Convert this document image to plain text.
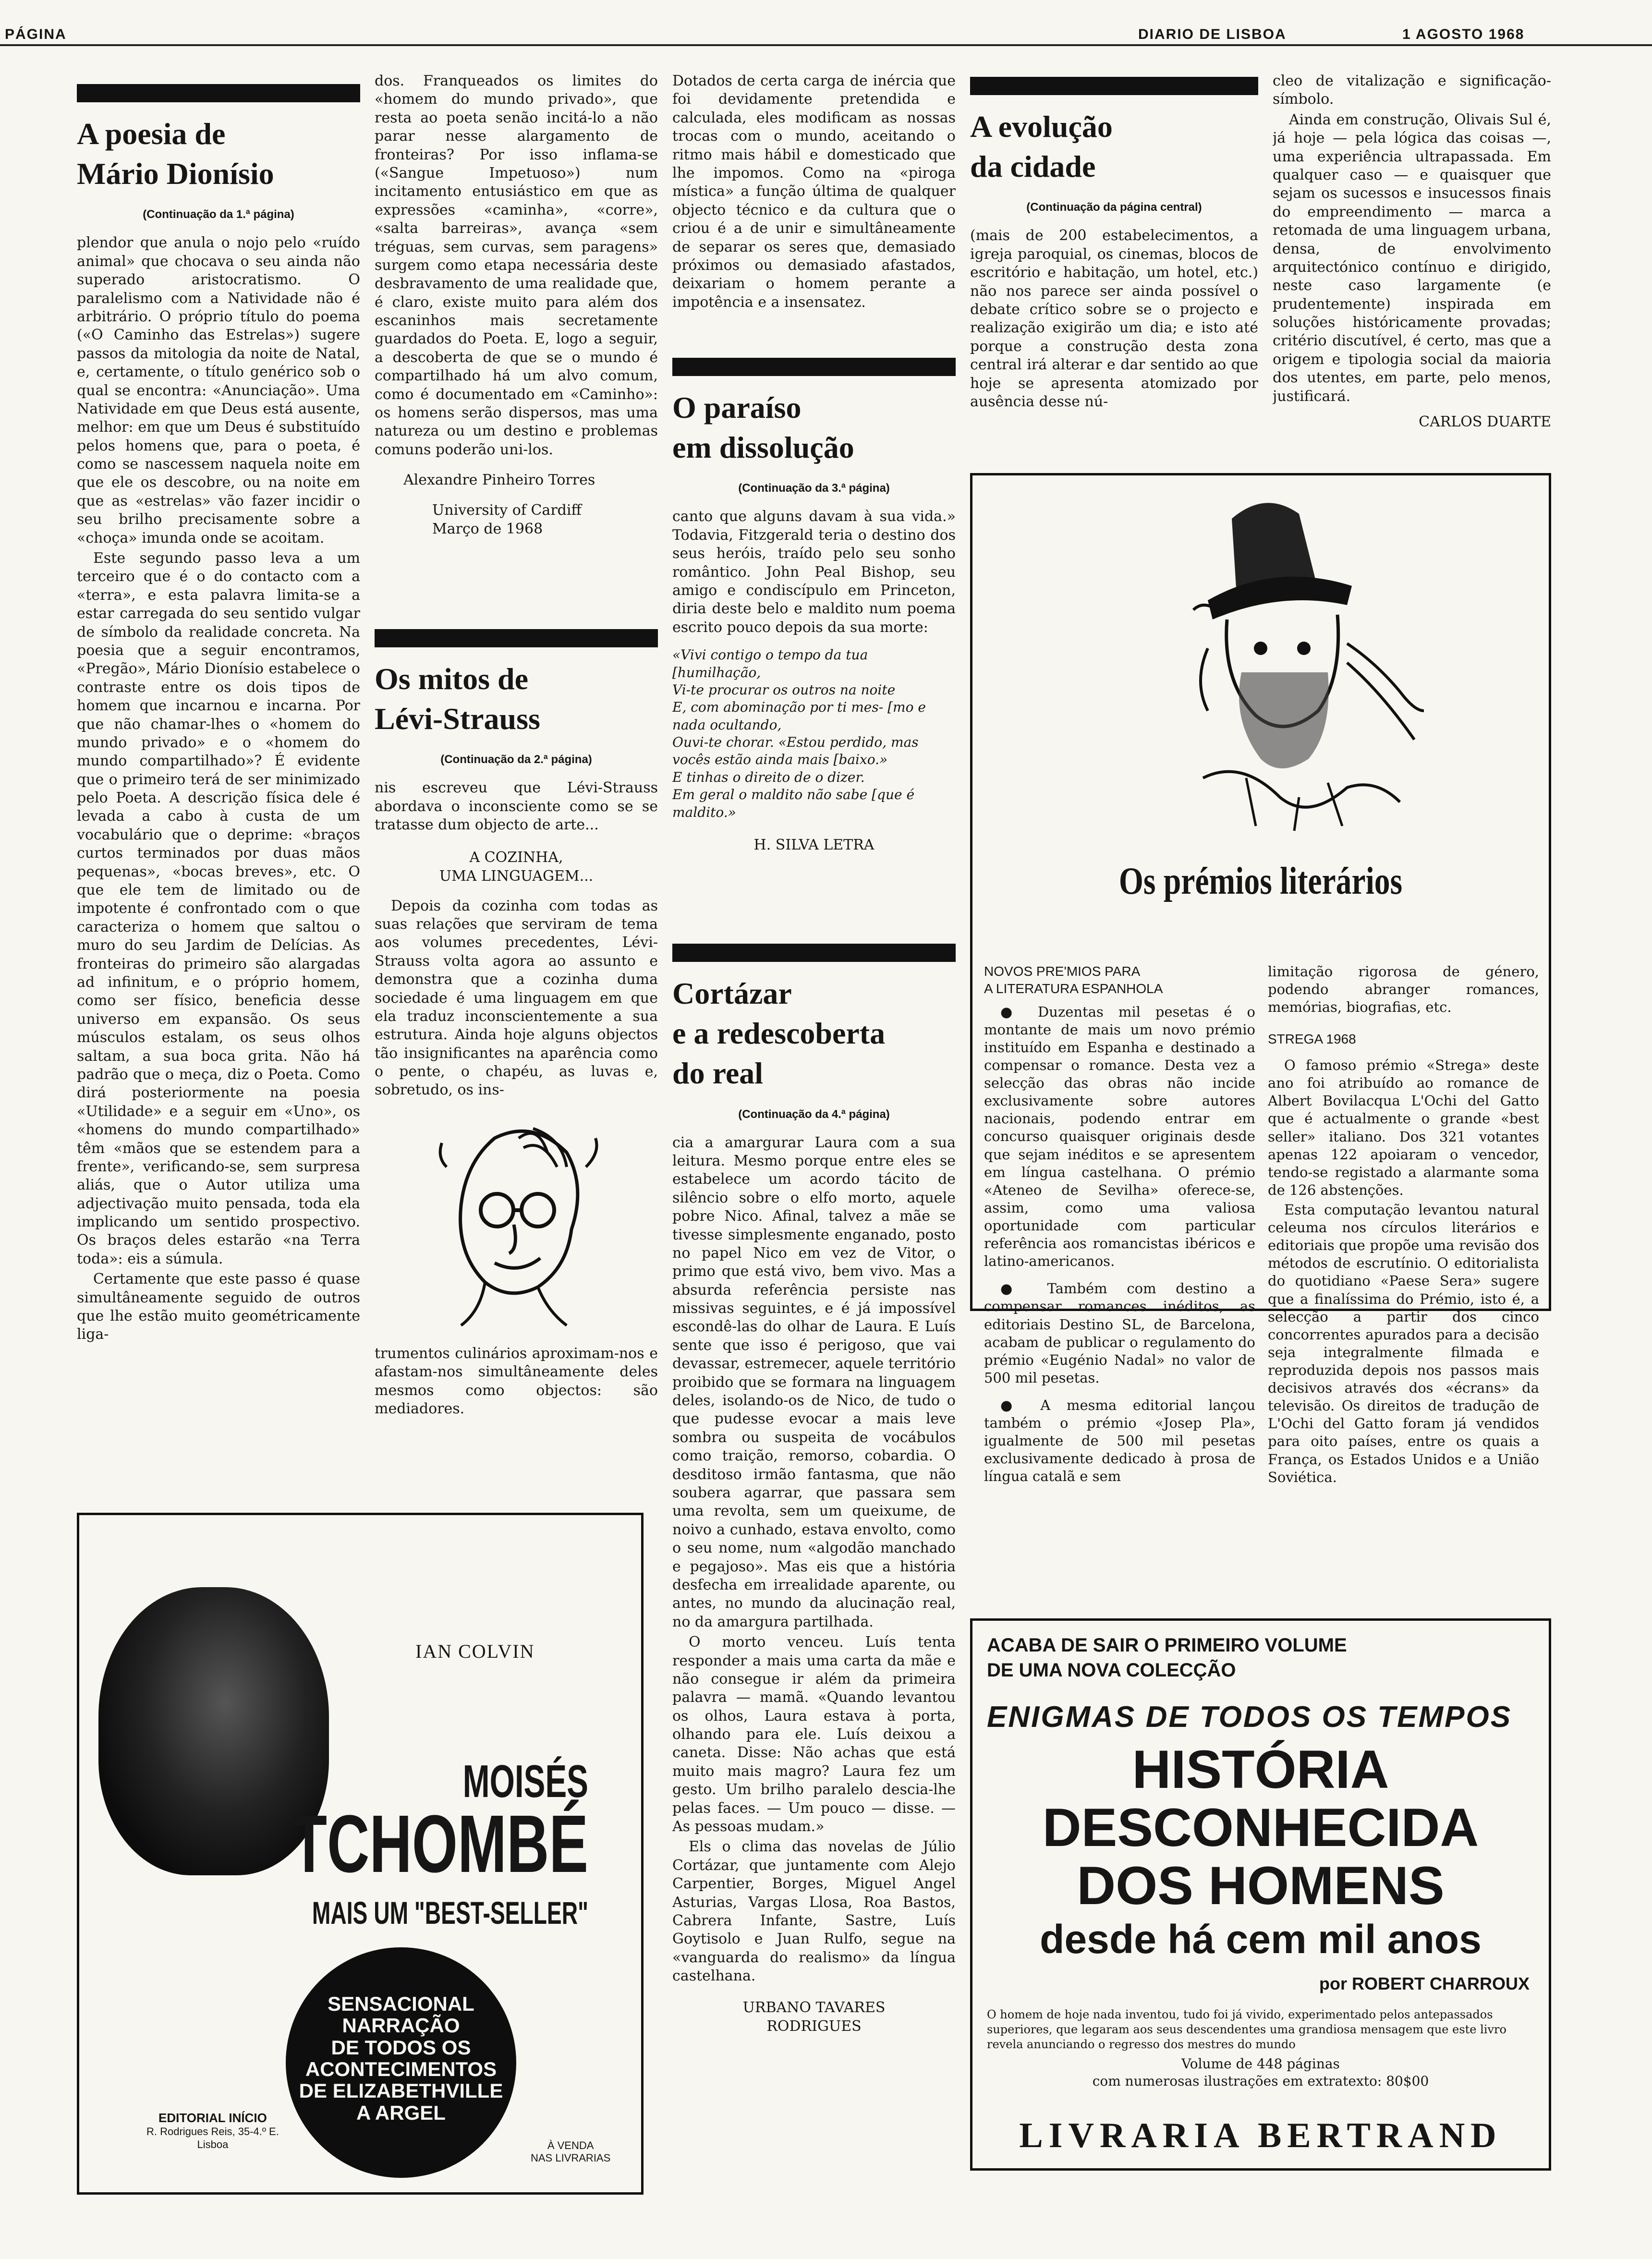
PÁGINA	DIARIO DE LISBOA	1 AGOSTO 1968
A poesia de
Mário Dionísio
(Continuação da 1.ª página)

plendor que anula o nojo pelo «ruído animal» que chocava o seu ainda não superado aristocratismo. O paralelismo com a Natividade não é arbitrário. O próprio título do poema («O Caminho das Estrelas») sugere passos da mitologia da noite de Natal, e, certamente, o título genérico sob o qual se encontra: «Anunciação». Uma Natividade em que Deus está ausente, melhor: em que um Deus é substituído pelos homens que, para o poeta, é como se nascessem naquela noite em que ele os descobre, ou na noite em que as «estrelas» vão fazer incidir o seu brilho precisamente sobre a «choça» imunda onde se acoitam.

Este segundo passo leva a um terceiro que é o do contacto com a «terra», e esta palavra limita-se a estar carregada do seu sentido vulgar de símbolo da realidade concreta. Na poesia que a seguir encontramos, «Pregão», Mário Dionísio estabelece o contraste entre os dois tipos de homem que incarnou e incarna. Por que não chamar-lhes o «homem do mundo privado» e o «homem do mundo compartilhado»? É evidente que o primeiro terá de ser minimizado pelo Poeta. A descrição física dele é levada a cabo à custa de um vocabulário que o deprime: «braços curtos terminados por duas mãos pequenas», «bocas breves», etc. O que ele tem de limitado ou de impotente é confrontado com o que caracteriza o homem que saltou o muro do seu Jardim de Delícias. As fronteiras do primeiro são alargadas ad infinitum, e o próprio homem, como ser físico, beneficia desse universo em expansão. Os seus músculos estalam, os seus olhos saltam, a sua boca grita. Não há padrão que o meça, diz o Poeta. Como dirá posteriormente na poesia «Utilidade» e a seguir em «Uno», os «homens do mundo compartilhado» têm «mãos que se estendem para a frente», verificando-se, sem surpresa aliás, que o Autor utiliza uma adjectivação muito pensada, toda ela implicando um sentido prospectivo. Os braços deles estarão «na Terra toda»: eis a súmula.

Certamente que este passo é quase simultâneamente seguido de outros que lhe estão muito geométricamente liga-

dos. Franqueados os limites do «homem do mundo privado», que resta ao poeta senão incitá-lo a não parar nesse alargamento de fronteiras? Por isso inflama-se («Sangue Impetuoso») num incitamento entusiástico em que as expressões «caminha», «corre», «salta barreiras», avança «sem tréguas, sem curvas, sem paragens» surgem como etapa necessária deste desbravamento de uma realidade que, é claro, existe muito para além dos escaninhos mais secretamente guardados do Poeta. E, logo a seguir, a descoberta de que se o mundo é compartilhado há um alvo comum, como é documentado em «Caminho»: os homens serão dispersos, mas uma natureza ou um destino e problemas comuns poderão uni-los.

Alexandre Pinheiro Torres
University of Cardiff
Março de 1968
Os mitos de
Lévi-Strauss
(Continuação da 2.ª página)

nis escreveu que Lévi-Strauss abordava o inconsciente como se se tratasse dum objecto de arte...

A COZINHA,
UMA LINGUAGEM...

Depois da cozinha com todas as suas relações que serviram de tema aos volumes precedentes, Lévi-Strauss volta agora ao assunto e demonstra que a cozinha duma sociedade é uma linguagem em que ela traduz inconscientemente a sua estrutura. Ainda hoje alguns objectos tão insignificantes na aparência como o pente, o chapéu, as luvas e, sobretudo, os ins-

trumentos culinários aproximam-nos e afastam-nos simultâneamente deles mesmos como objectos: são mediadores.

Dotados de certa carga de inércia que foi devidamente pretendida e calculada, eles modificam as nossas trocas com o mundo, aceitando o ritmo mais hábil e domesticado que lhe impomos. Como na «piroga mística» a função última de qualquer objecto técnico e da cultura que o criou é a de unir e simultâneamente de separar os seres que, demasiado próximos ou demasiado afastados, deixariam o homem perante a impotência e a insensatez.

O paraíso
em dissolução
(Continuação da 3.ª página)

canto que alguns davam à sua vida.» Todavia, Fitzgerald teria o destino dos seus heróis, traído pelo seu sonho romântico. John Peal Bishop, seu amigo e condiscípulo em Princeton, diria deste belo e maldito num poema escrito pouco depois da sua morte:

«Vivi contigo o tempo da tua [humilhação,
Vi-te procurar os outros na noite
E, com abominação por ti mes- [mo e nada ocultando,
Ouvi-te chorar. «Estou perdido, mas vocês estão ainda mais [baixo.»
E tinhas o direito de o dizer.
Em geral o maldito não sabe [que é maldito.»
H. SILVA LETRA
Cortázar
e a redescoberta
do real
(Continuação da 4.ª página)

cia a amargurar Laura com a sua leitura. Mesmo porque entre eles se estabelece um acordo tácito de silêncio sobre o elfo morto, aquele pobre Nico. Afinal, talvez a mãe se tivesse simplesmente enganado, posto no papel Nico em vez de Vitor, o primo que está vivo, bem vivo. Mas a absurda referência persiste nas missivas seguintes, e é já impossível escondê-las do olhar de Laura. E Luís sente que isso é perigoso, que vai devassar, estremecer, aquele território proibido que se formara na linguagem deles, isolando-os de Nico, de tudo o que pudesse evocar a mais leve sombra ou suspeita de vocábulos como traição, remorso, cobardia. O desditoso irmão fantasma, que não soubera agarrar, que passara sem uma revolta, sem um queixume, de noivo a cunhado, estava envolto, como o seu nome, num «algodão manchado e pegajoso». Mas eis que a história desfecha em irrealidade aparente, ou antes, no mundo da alucinação real, no da amargura partilhada.

O morto venceu. Luís tenta responder a mais uma carta da mãe e não consegue ir além da primeira palavra — mamã. «Quando levantou os olhos, Laura estava à porta, olhando para ele. Luís deixou a caneta. Disse: Não achas que está muito mais magro? Laura fez um gesto. Um brilho paralelo descia-lhe pelas faces. — Um pouco — disse. — As pessoas mudam.»

Els o clima das novelas de Júlio Cortázar, que juntamente com Alejo Carpentier, Borges, Miguel Angel Asturias, Vargas Llosa, Roa Bastos, Cabrera Infante, Sastre, Luís Goytisolo e Juan Rulfo, segue na «vanguarda do realismo» da língua castelhana.

URBANO TAVARES
RODRIGUES
A evolução
da cidade
(Continuação da página central)

(mais de 200 estabelecimentos, a igreja paroquial, os cinemas, blocos de escritório e habitação, um hotel, etc.) não nos parece ser ainda possível o debate crítico sobre se o projecto e realização exigirão um dia; e isto até porque a construção desta zona central irá alterar e dar sentido ao que hoje se apresenta atomizado por ausência desse nú-

cleo de vitalização e significação-símbolo.

Ainda em construção, Olivais Sul é, já hoje — pela lógica das coisas —, uma experiência ultrapassada. Em qualquer caso — e quaisquer que sejam os sucessos e insucessos finais do empreendimento — marca a retomada de uma linguagem urbana, densa, de envolvimento arquitectónico contínuo e dirigido, neste caso largamente (e prudentemente) inspirada em soluções históricamente provadas; critério discutível, é certo, mas que a origem e tipologia social da maioria dos utentes, em parte, pelo menos, justificará.

CARLOS DUARTE
Os prémios literários
NOVOS PRE'MIOS PARA
A LITERATURA ESPANHOLA

● Duzentas mil pesetas é o montante de mais um novo prémio instituído em Espanha e destinado a compensar o romance. Desta vez a selecção das obras não incide exclusivamente sobre autores nacionais, podendo entrar em concurso quaisquer originais desde que sejam inéditos e se apresentem em língua castelhana. O prémio «Ateneo de Sevilha» oferece-se, assim, como uma valiosa oportunidade com particular referência aos romancistas ibéricos e latino-americanos.

● Também com destino a compensar romances inéditos, as editoriais Destino SL, de Barcelona, acabam de publicar o regulamento do prémio «Eugénio Nadal» no valor de 500 mil pesetas.

● A mesma editorial lançou também o prémio «Josep Pla», igualmente de 500 mil pesetas exclusivamente dedicado à prosa de língua catalã e sem

limitação rigorosa de género, podendo abranger romances, memórias, biografias, etc.

STREGA 1968

O famoso prémio «Strega» deste ano foi atribuído ao romance de Albert Bovilacqua L'Ochi del Gatto que é actualmente o grande «best seller» italiano. Dos 321 votantes apenas 122 apoiaram o vencedor, tendo-se registado a alarmante soma de 126 abstenções.

Esta computação levantou natural celeuma nos círculos literários e editoriais que propõe uma revisão dos métodos de escrutínio. O editorialista do quotidiano «Paese Sera» sugere que a finalíssima do Prémio, isto é, a selecção a partir dos cinco concorrentes apurados para a decisão seja integralmente filmada e reproduzida depois nos passos mais decisivos através dos «écrans» da televisão. Os direitos de tradução de L'Ochi del Gatto foram já vendidos para oito países, entre os quais a França, os Estados Unidos e a União Soviética.

IAN COLVIN
MOISÉS
TCHOMBÉ
MAIS UM "BEST-SELLER"
SENSACIONAL
NARRAÇÃO
DE TODOS OS
ACONTECIMENTOS
DE ELIZABETHVILLE
A ARGEL
EDITORIAL INÍCIO
R. Rodrigues Reis, 35-4.º E.
Lisboa	À VENDA
NAS LIVRARIAS
ACABA DE SAIR O PRIMEIRO VOLUME
DE UMA NOVA COLECÇÃO
ENIGMAS DE TODOS OS TEMPOS
HISTÓRIA
DESCONHECIDA
DOS HOMENS
desde há cem mil anos
por ROBERT CHARROUX
O homem de hoje nada inventou, tudo foi já vivido, experimentado pelos antepassados superiores, que legaram aos seus descendentes uma grandiosa mensagem que este livro revela anunciando o regresso dos mestres do mundo
Volume de 448 páginas
com numerosas ilustrações em extratexto: 80$00
LIVRARIA BERTRAND
